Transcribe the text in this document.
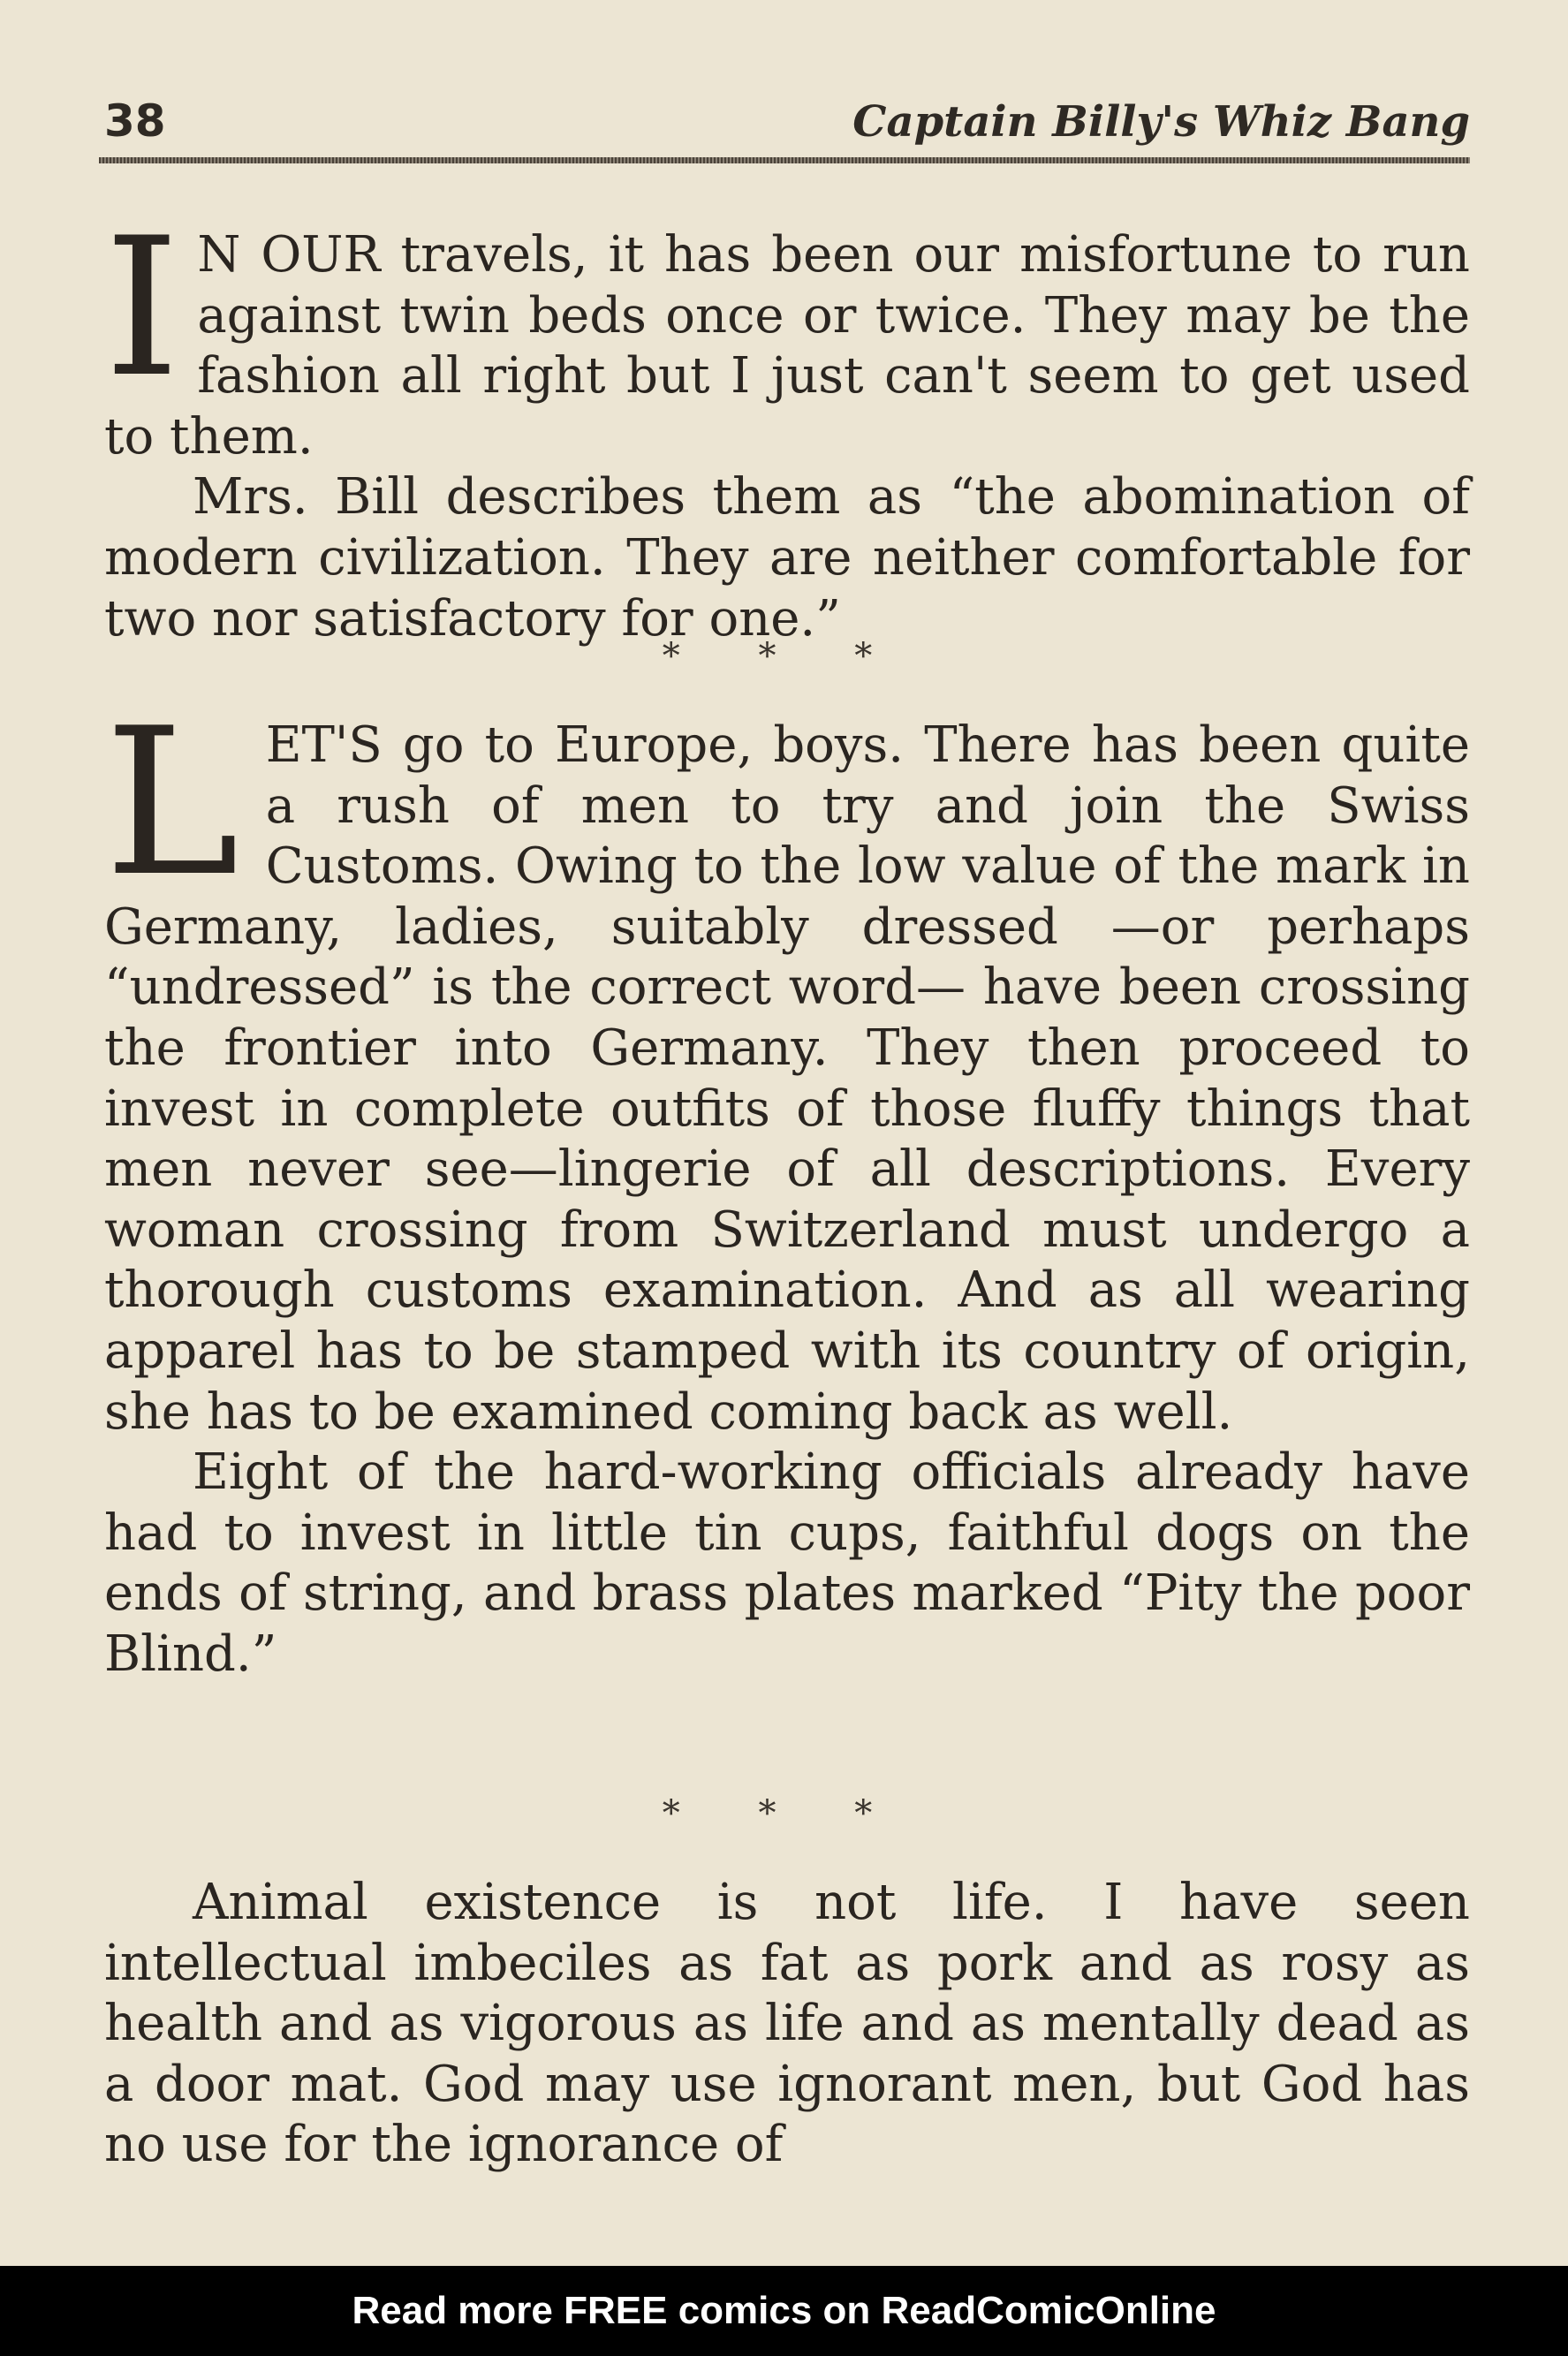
38	Captain Billy's Whiz Bang

I N OUR travels, it has been our misfortune to run against twin beds once or twice. They may be the fashion all right but I just can't seem to get used to them.

Mrs. Bill describes them as “the abomination of modern civilization. They are neither comfortable for two nor satisfactory for one.”

* * *

LET'S go to Europe, boys. There has been quite a rush of men to try and join the Swiss Customs. Owing to the low value of the mark in Germany, ladies, suitably dressed —or perhaps “undressed” is the correct word— have been crossing the frontier into Germany. They then proceed to invest in complete outfits of those fluffy things that men never see—lingerie of all descriptions. Every woman crossing from Switzerland must undergo a thorough customs examination. And as all wearing apparel has to be stamped with its country of origin, she has to be examined coming back as well.

Eight of the hard-working officials already have had to invest in little tin cups, faithful dogs on the ends of string, and brass plates marked “Pity the poor Blind.”

* * *

Animal existence is not life. I have seen intellectual imbeciles as fat as pork and as rosy as health and as vigorous as life and as mentally dead as a door mat. God may use ignorant men, but God has no use for the ignorance of

Read more FREE comics on ReadComicOnline
